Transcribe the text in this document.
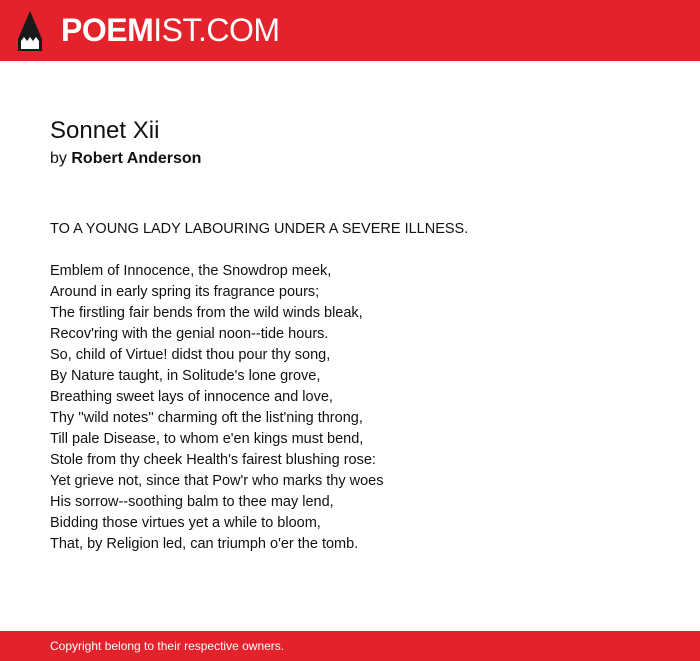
POEMIST.COM
Sonnet Xii
by Robert Anderson

TO A YOUNG LADY LABOURING UNDER A SEVERE ILLNESS.

Emblem of Innocence, the Snowdrop meek,

Around in early spring its fragrance pours;

The firstling fair bends from the wild winds bleak,

Recov'ring with the genial noon--tide hours.

So, child of Virtue! didst thou pour thy song,

By Nature taught, in Solitude's lone grove,

Breathing sweet lays of innocence and love,

Thy ''wild notes'' charming oft the list'ning throng,

Till pale Disease, to whom e'en kings must bend,

Stole from thy cheek Health's fairest blushing rose:

Yet grieve not, since that Pow'r who marks thy woes

His sorrow--soothing balm to thee may lend,

Bidding those virtues yet a while to bloom,

That, by Religion led, can triumph o'er the tomb.

Copyright belong to their respective owners.
